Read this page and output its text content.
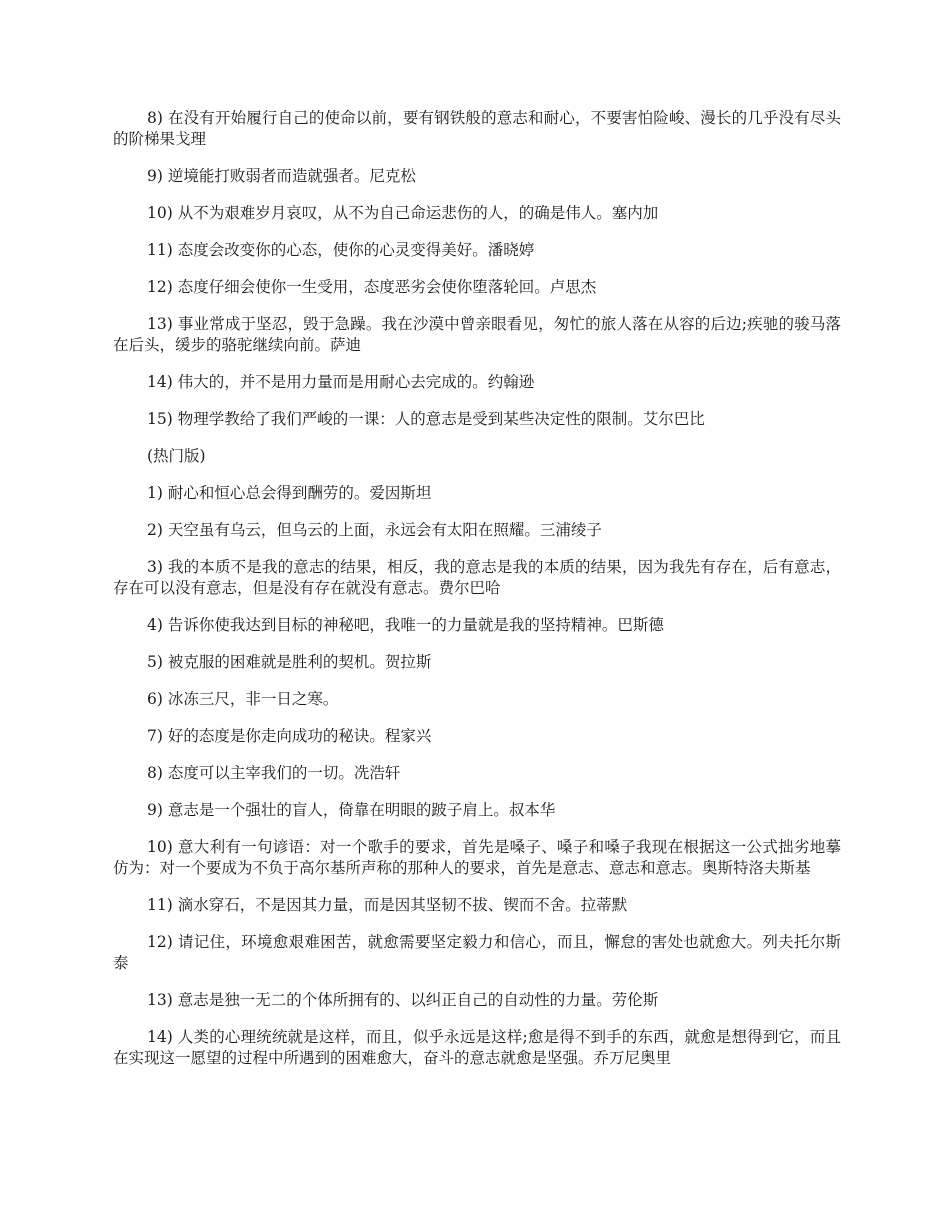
8) 在没有开始履行自己的使命以前，要有钢铁般的意志和耐心，不要害怕险峻、漫长的几乎没有尽头的阶梯果戈理

9) 逆境能打败弱者而造就强者。尼克松

10) 从不为艰难岁月哀叹，从不为自己命运悲伤的人，的确是伟人。塞内加

11) 态度会改变你的心态，使你的心灵变得美好。潘晓婷

12) 态度仔细会使你一生受用，态度恶劣会使你堕落轮回。卢思杰

13) 事业常成于坚忍，毁于急躁。我在沙漠中曾亲眼看见，匆忙的旅人落在从容的后边;疾驰的骏马落在后头，缓步的骆驼继续向前。萨迪

14) 伟大的，并不是用力量而是用耐心去完成的。约翰逊

15) 物理学教给了我们严峻的一课：人的意志是受到某些决定性的限制。艾尔巴比

(热门版)

1) 耐心和恒心总会得到酬劳的。爱因斯坦

2) 天空虽有乌云，但乌云的上面，永远会有太阳在照耀。三浦绫子

3) 我的本质不是我的意志的结果，相反，我的意志是我的本质的结果，因为我先有存在，后有意志，存在可以没有意志，但是没有存在就没有意志。费尔巴哈

4) 告诉你使我达到目标的神秘吧，我唯一的力量就是我的坚持精神。巴斯德

5) 被克服的困难就是胜利的契机。贺拉斯

6) 冰冻三尺，非一日之寒。

7) 好的态度是你走向成功的秘诀。程家兴

8) 态度可以主宰我们的一切。冼浩轩

9) 意志是一个强壮的盲人，倚靠在明眼的跛子肩上。叔本华

10) 意大利有一句谚语：对一个歌手的要求，首先是嗓子、嗓子和嗓子我现在根据这一公式拙劣地摹仿为：对一个要成为不负于高尔基所声称的那种人的要求，首先是意志、意志和意志。奥斯特洛夫斯基

11) 滴水穿石，不是因其力量，而是因其坚韧不拔、锲而不舍。拉蒂默

12) 请记住，环境愈艰难困苦，就愈需要坚定毅力和信心，而且，懈怠的害处也就愈大。列夫托尔斯泰

13) 意志是独一无二的个体所拥有的、以纠正自己的自动性的力量。劳伦斯

14) 人类的心理统统就是这样，而且，似乎永远是这样;愈是得不到手的东西，就愈是想得到它，而且在实现这一愿望的过程中所遇到的困难愈大，奋斗的意志就愈是坚强。乔万尼奥里
